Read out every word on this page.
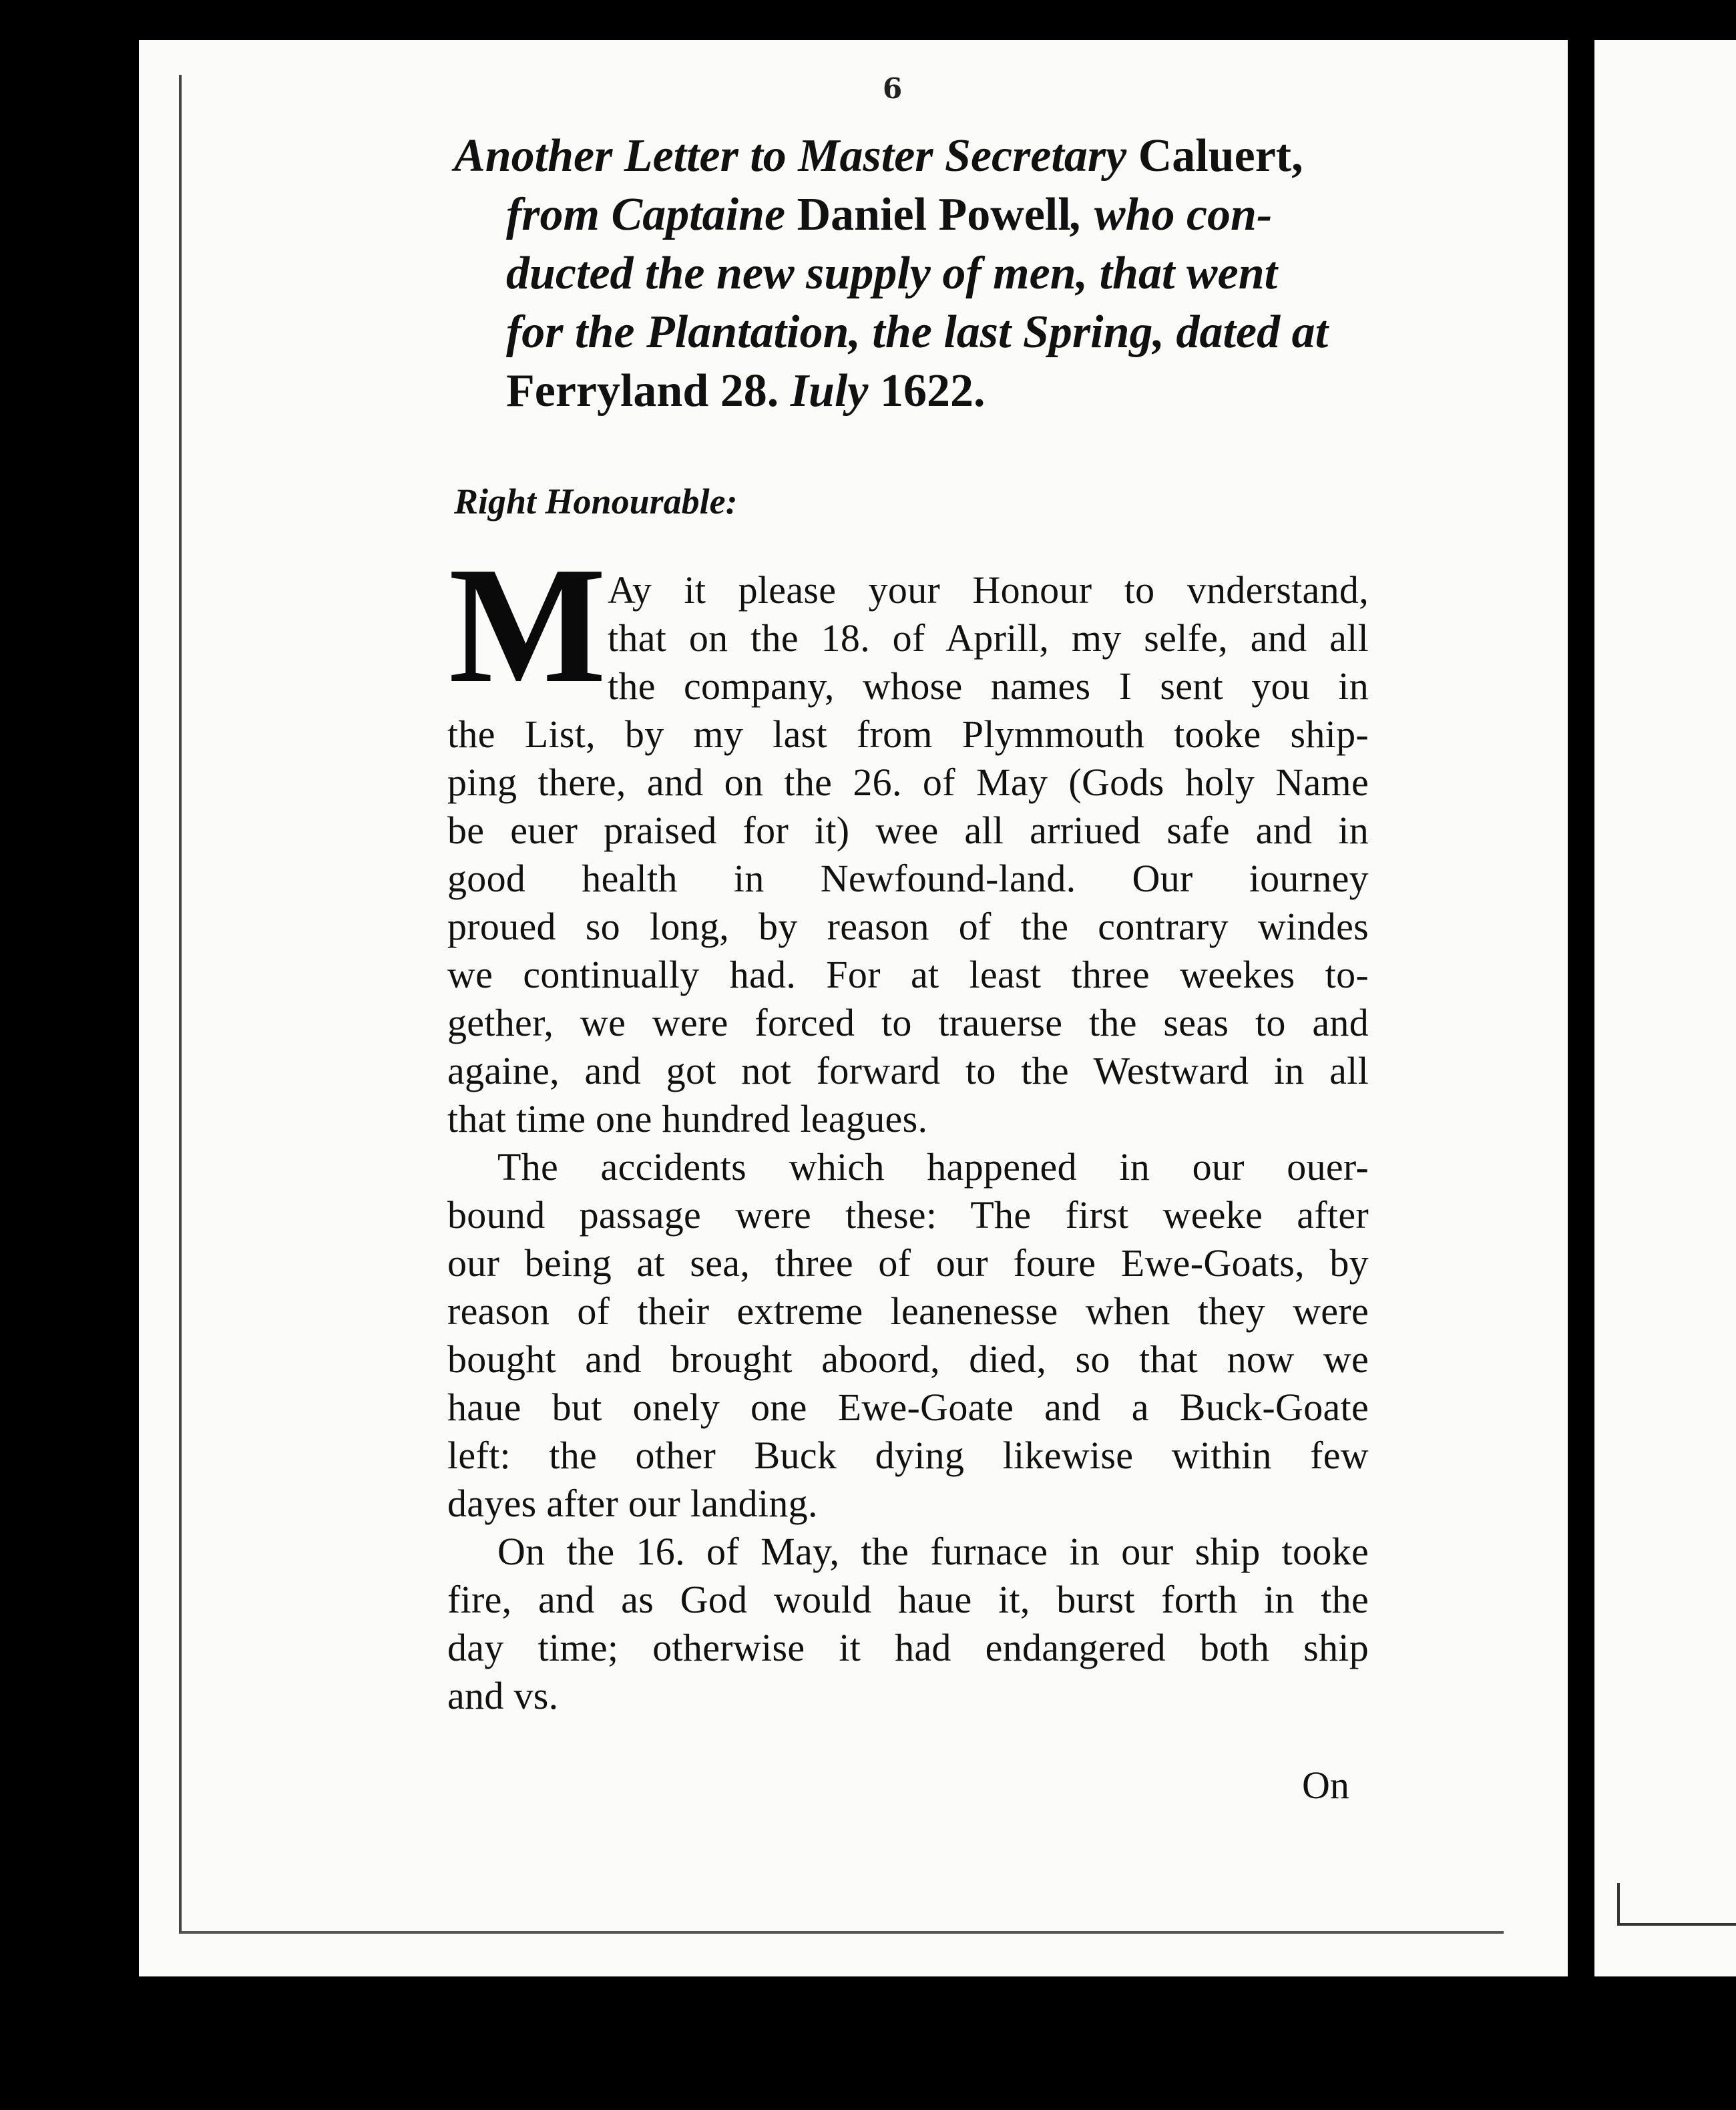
6
Another Letter to Master Secretary Caluert,
from Captaine Daniel Powell, who con-
ducted the new supply of men, that went
for the Plantation, the last Spring, dated at
Ferryland 28. Iuly 1622.
Right Honourable:
M Ay it please your Honour to vnderstand,
that on the 18. of Aprill, my selfe, and all
the company, whose names I sent you in
the List, by my last from Plymmouth tooke ship-
ping there, and on the 26. of May (Gods holy Name
be euer praised for it) wee all arriued safe and in
good health in Newfound-land. Our iourney
proued so long, by reason of the contrary windes
we continually had. For at least three weekes to-
gether, we were forced to trauerse the seas to and
againe, and got not forward to the Westward in all
that time one hundred leagues.
The accidents which happened in our ouer-
bound passage were these: The first weeke after
our being at sea, three of our foure Ewe-Goats, by
reason of their extreme leanenesse when they were
bought and brought aboord, died, so that now we
haue but onely one Ewe-Goate and a Buck-Goate
left: the other Buck dying likewise within few
dayes after our landing.
On the 16. of May, the furnace in our ship tooke
fire, and as God would haue it, burst forth in the
day time; otherwise it had endangered both ship
and vs.
On
